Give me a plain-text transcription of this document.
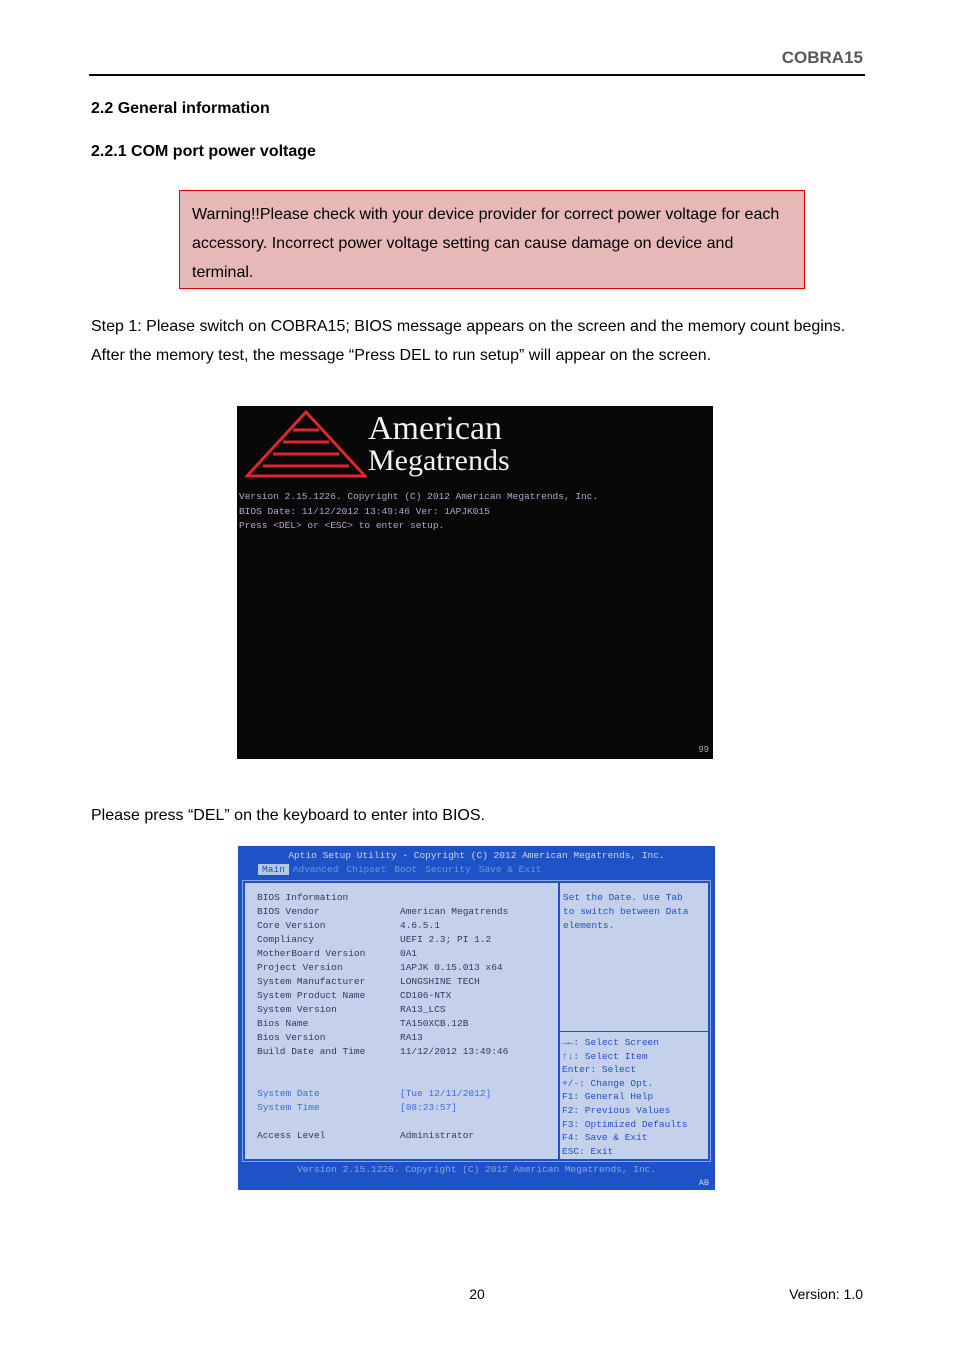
COBRA15
2.2 General information
2.2.1 COM port power voltage
Warning!!Please check with your device provider for correct power voltage for each accessory. Incorrect power voltage setting can cause damage on device and terminal.
Step 1: Please switch on COBRA15; BIOS message appears on the screen and the memory count begins. After the memory test, the message “Press DEL to run setup” will appear on the screen.
American
Megatrends
Version 2.15.1226. Copyright (C) 2012 American Megatrends, Inc.
BIOS Date: 11/12/2012 13:49:46 Ver: 1APJK015
Press <DEL> or <ESC> to enter setup.
99
Please press “DEL” on the keyboard to enter into BIOS.
Aptio Setup Utility - Copyright (C) 2012 American Megatrends, Inc.
Main Advanced Chipset Boot Security Save & Exit
BIOS Information
BIOS Vendor	American Megatrends
Core Version	4.6.5.1
Compliancy	UEFI 2.3; PI 1.2
MotherBoard Version	0A1
Project Version	1APJK 0.15.013 x64
System Manufacturer	LONGSHINE TECH
System Product Name	CD106-NTX
System Version	RA13_LCS
Bios Name	TA150XCB.12B
Bios Version	RA13
Build Date and Time	11/12/2012 13:49:46

System Date	[Tue 12/11/2012]
System Time	[08:23:57]

Access Level	Administrator
Set the Date. Use Tab
to switch between Data
elements.
→←: Select Screen
↑↓: Select Item
Enter: Select
+/-: Change Opt.
F1: General Help
F2: Previous Values
F3: Optimized Defaults
F4: Save & Exit
ESC: Exit
Version 2.15.1226. Copyright (C) 2012 American Megatrends, Inc.
AB
20	Version: 1.0
